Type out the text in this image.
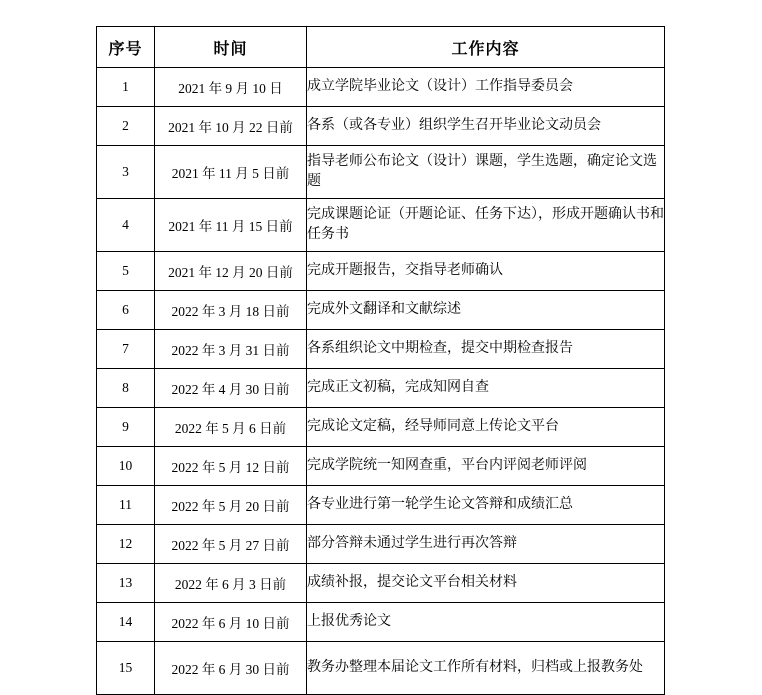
序号	时间	工作内容
1	2021 年 9 月 10 日	成立学院毕业论文（设计）工作指导委员会
2	2021 年 10 月 22 日前	各系（或各专业）组织学生召开毕业论文动员会
3	2021 年 11 月 5 日前	指导老师公布论文（设计）课题，学生选题，确定论文选题
4	2021 年 11 月 15 日前	完成课题论证（开题论证、任务下达），形成开题确认书和任务书
5	2021 年 12 月 20 日前	完成开题报告，交指导老师确认
6	2022 年 3 月 18 日前	完成外文翻译和文献综述
7	2022 年 3 月 31 日前	各系组织论文中期检查，提交中期检查报告
8	2022 年 4 月 30 日前	完成正文初稿，完成知网自查
9	2022 年 5 月 6 日前	完成论文定稿，经导师同意上传论文平台
10	2022 年 5 月 12 日前	完成学院统一知网查重，平台内评阅老师评阅
11	2022 年 5 月 20 日前	各专业进行第一轮学生论文答辩和成绩汇总
12	2022 年 5 月 27 日前	部分答辩未通过学生进行再次答辩
13	2022 年 6 月 3 日前	成绩补报，提交论文平台相关材料
14	2022 年 6 月 10 日前	上报优秀论文
15	2022 年 6 月 30 日前	教务办整理本届论文工作所有材料，归档或上报教务处
